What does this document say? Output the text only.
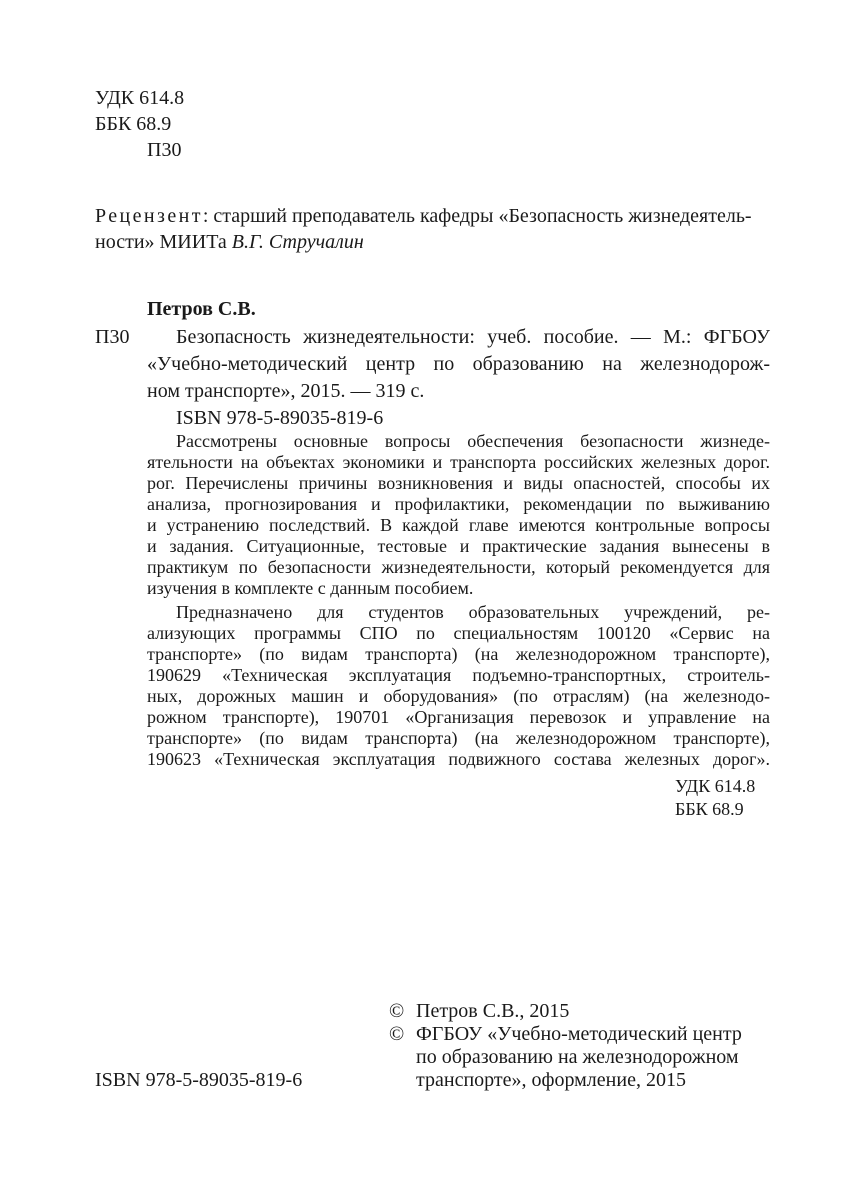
УДК 614.8
ББК 68.9
П30
Рецензент: старший преподаватель кафедры «Безопасность жизнедеятель-
ности» МИИТа В.Г. Стручалин
Петров С.В.
П30 Безопасность жизнедеятельности: учеб. пособие. — М.: ФГБОУ
«Учебно-методический центр по образованию на железнодорож-
ном транспорте», 2015. — 319 с.
ISBN 978-5-89035-819-6
Рассмотрены основные вопросы обеспечения безопасности жизнеде-
ятельности на объектах экономики и транспорта российских железных дорог.
рог. Перечислены причины возникновения и виды опасностей, способы их
анализа, прогнозирования и профилактики, рекомендации по выживанию
и устранению последствий. В каждой главе имеются контрольные вопросы
и задания. Ситуационные, тестовые и практические задания вынесены в
практикум по безопасности жизнедеятельности, который рекомендуется для
изучения в комплекте с данным пособием.
Предназначено для студентов образовательных учреждений, ре-
ализующих программы СПО по специальностям 100120 «Сервис на
транспорте» (по видам транспорта) (на железнодорожном транспорте),
190629 «Техническая эксплуатация подъемно-транспортных, строитель-
ных, дорожных машин и оборудования» (по отраслям) (на железнодо-
рожном транспорте), 190701 «Организация перевозок и управление на
транспорте» (по видам транспорта) (на железнодорожном транспорте),
190623 «Техническая эксплуатация подвижного состава железных дорог».
УДК 614.8
ББК 68.9
© Петров С.В., 2015
© ФГБОУ «Учебно-методический центр
по образованию на железнодорожном
транспорте», оформление, 2015
ISBN 978-5-89035-819-6
